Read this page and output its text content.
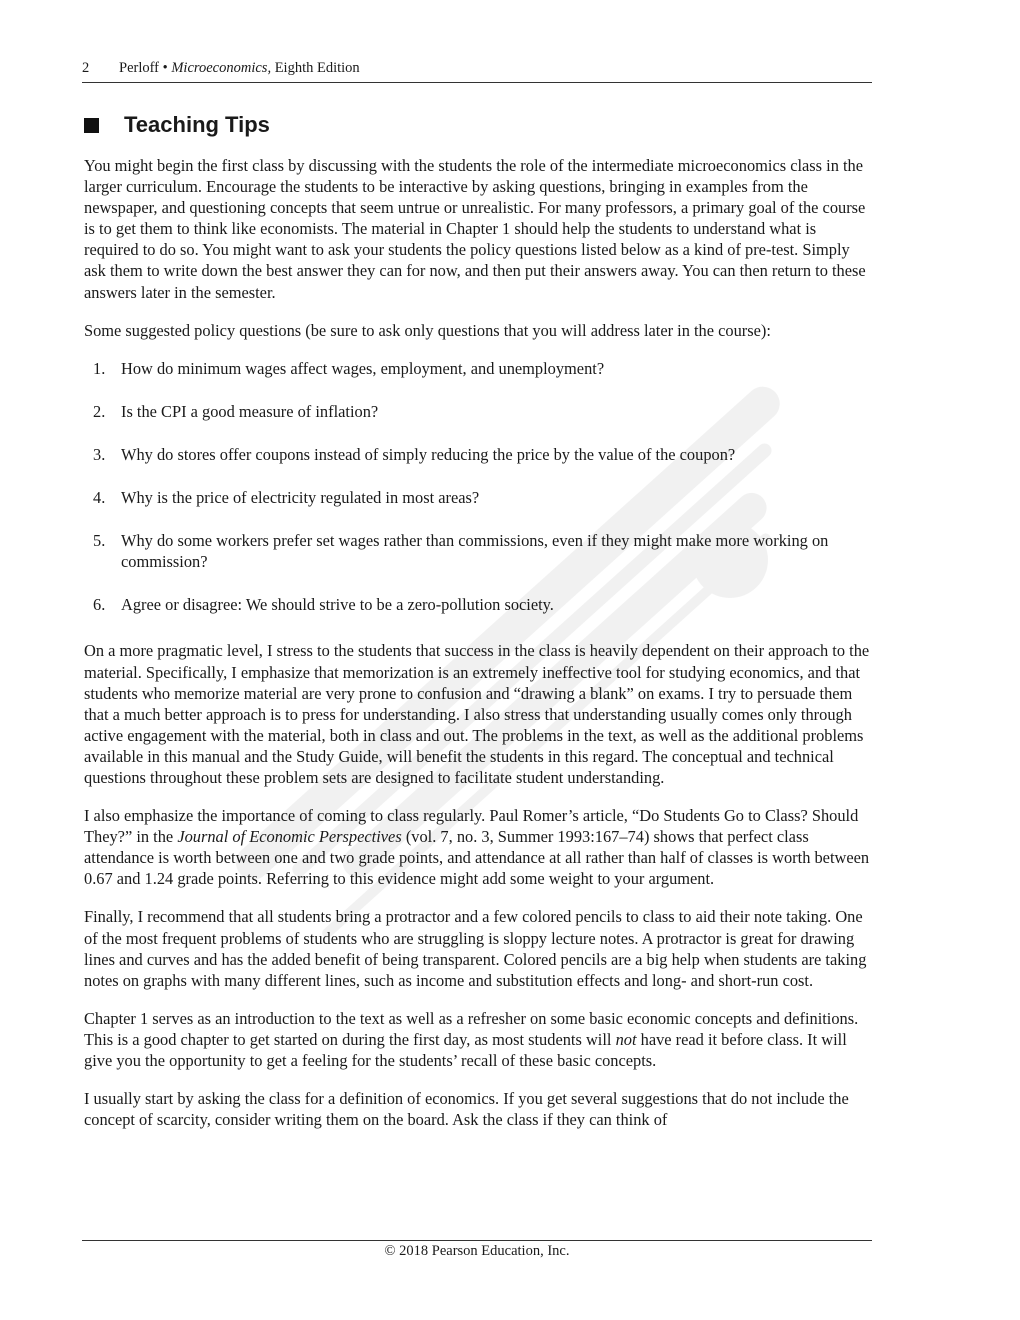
2 Perloff • Microeconomics, Eighth Edition
Teaching Tips

You might begin the first class by discussing with the students the role of the intermediate microeconomics class in the larger curriculum. Encourage the students to be interactive by asking questions, bringing in examples from the newspaper, and questioning concepts that seem untrue or unrealistic. For many professors, a primary goal of the course is to get them to think like economists. The material in Chapter 1 should help the students to understand what is required to do so. You might want to ask your students the policy questions listed below as a kind of pre-test. Simply ask them to write down the best answer they can for now, and then put their answers away. You can then return to these answers later in the semester.

Some suggested policy questions (be sure to ask only questions that you will address later in the course):

1. How do minimum wages affect wages, employment, and unemployment?
2. Is the CPI a good measure of inflation?
3. Why do stores offer coupons instead of simply reducing the price by the value of the coupon?
4. Why is the price of electricity regulated in most areas?
5. Why do some workers prefer set wages rather than commissions, even if they might make more working on commission?
6. Agree or disagree: We should strive to be a zero-pollution society.

On a more pragmatic level, I stress to the students that success in the class is heavily dependent on their approach to the material. Specifically, I emphasize that memorization is an extremely ineffective tool for studying economics, and that students who memorize material are very prone to confusion and “drawing a blank” on exams. I try to persuade them that a much better approach is to press for understanding. I also stress that understanding usually comes only through active engagement with the material, both in class and out. The problems in the text, as well as the additional problems available in this manual and the Study Guide, will benefit the students in this regard. The conceptual and technical questions throughout these problem sets are designed to facilitate student understanding.

I also emphasize the importance of coming to class regularly. Paul Romer’s article, “Do Students Go to Class? Should They?” in the Journal of Economic Perspectives (vol. 7, no. 3, Summer 1993:167–74) shows that perfect class attendance is worth between one and two grade points, and attendance at all rather than half of classes is worth between 0.67 and 1.24 grade points. Referring to this evidence might add some weight to your argument.

Finally, I recommend that all students bring a protractor and a few colored pencils to class to aid their note taking. One of the most frequent problems of students who are struggling is sloppy lecture notes. A protractor is great for drawing lines and curves and has the added benefit of being transparent. Colored pencils are a big help when students are taking notes on graphs with many different lines, such as income and substitution effects and long- and short-run cost.

Chapter 1 serves as an introduction to the text as well as a refresher on some basic economic concepts and definitions. This is a good chapter to get started on during the first day, as most students will not have read it before class. It will give you the opportunity to get a feeling for the students’ recall of these basic concepts.

I usually start by asking the class for a definition of economics. If you get several suggestions that do not include the concept of scarcity, consider writing them on the board. Ask the class if they can think of

© 2018 Pearson Education, Inc.
